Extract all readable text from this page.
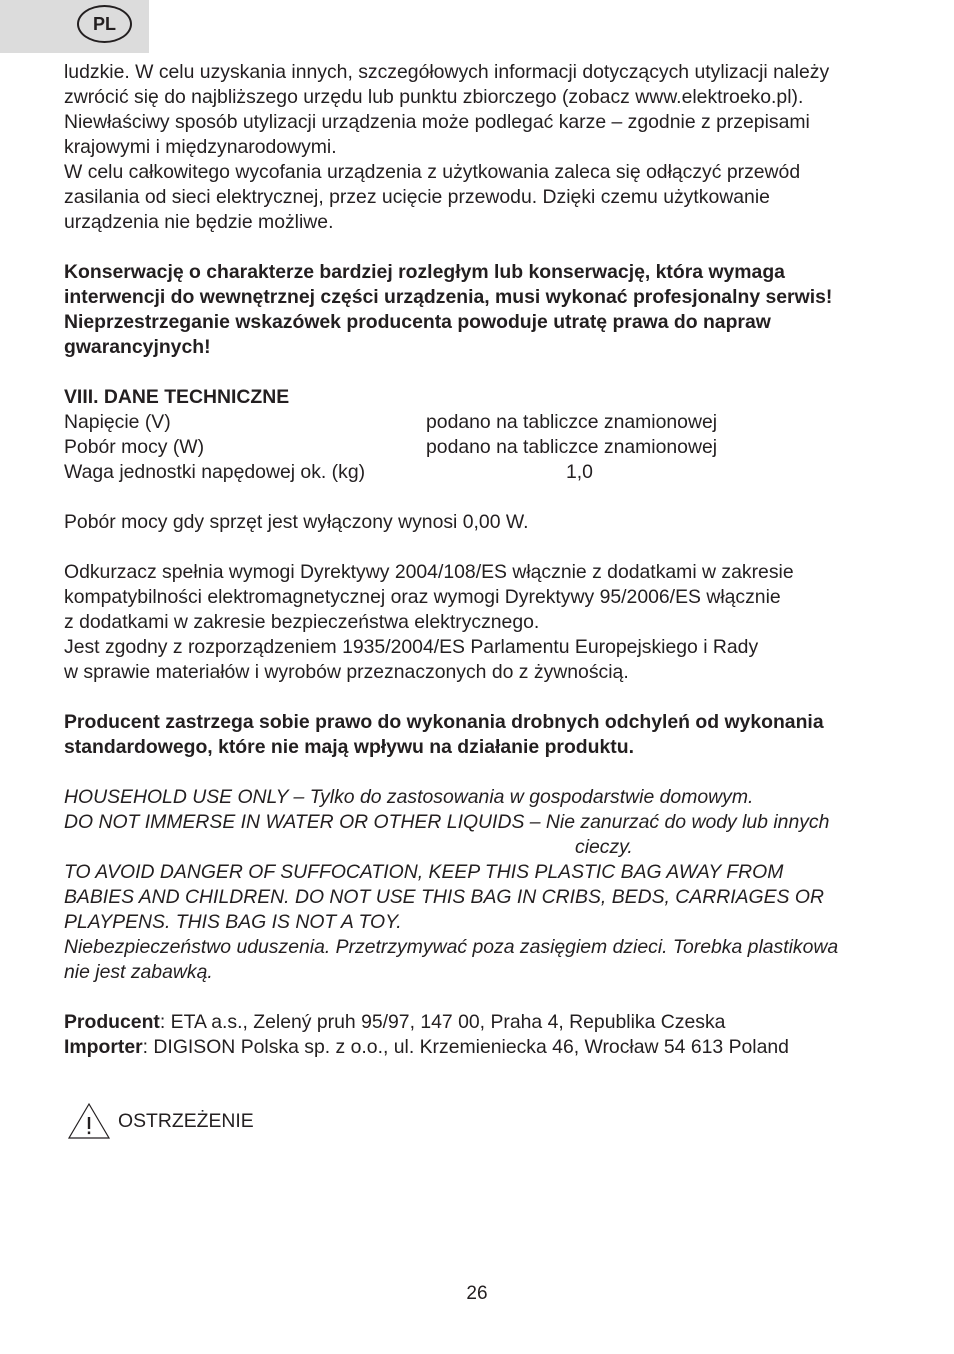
PL

ludzkie. W celu uzyskania innych, szczegółowych informacji dotyczących utylizacji należy

zwrócić się do najbliższego urzędu lub punktu zbiorczego (zobacz www.elektroeko.pl).

Niewłaściwy sposób utylizacji urządzenia może podlegać karze – zgodnie z przepisami

krajowymi i międzynarodowymi.

W celu całkowitego wycofania urządzenia z użytkowania zaleca się odłączyć przewód

zasilania od sieci elektrycznej, przez ucięcie przewodu. Dzięki czemu użytkowanie

urządzenia nie będzie możliwe.

Konserwację o charakterze bardziej rozległym lub konserwację, która wymaga

interwencji do wewnętrznej części urządzenia, musi wykonać profesjonalny serwis!

Nieprzestrzeganie wskazówek producenta powoduje utratę prawa do napraw

gwarancyjnych!

VIII. DANE TECHNICZNE

Napięcie (V)	podano na tabliczce znamionowej
Pobór mocy (W)	podano na tabliczce znamionowej
Waga jednostki napędowej ok. (kg)	1,0

Pobór mocy gdy sprzęt jest wyłączony wynosi 0,00 W.

Odkurzacz spełnia wymogi Dyrektywy 2004/108/ES włącznie z dodatkami w zakresie

kompatybilności elektromagnetycznej oraz wymogi Dyrektywy 95/2006/ES włącznie

z dodatkami w zakresie bezpieczeństwa elektrycznego.

Jest zgodny z rozporządzeniem 1935/2004/ES Parlamentu Europejskiego i Rady

w sprawie materiałów i wyrobów przeznaczonych do z żywnością.

Producent zastrzega sobie prawo do wykonania drobnych odchyleń od wykonania

standardowego, które nie mają wpływu na działanie produktu.

HOUSEHOLD USE ONLY – Tylko do zastosowania w gospodarstwie domowym.

DO NOT IMMERSE IN WATER OR OTHER LIQUIDS – Nie zanurzać do wody lub innych

cieczy.

TO AVOID DANGER OF SUFFOCATION, KEEP THIS PLASTIC BAG AWAY FROM

BABIES AND CHILDREN. DO NOT USE THIS BAG IN CRIBS, BEDS, CARRIAGES OR

PLAYPENS. THIS BAG IS NOT A TOY.

Niebezpieczeństwo uduszenia. Przetrzymywać poza zasięgiem dzieci. Torebka plastikowa

nie jest zabawką.

Producent: ETA a.s., Zelený pruh 95/97, 147 00, Praha 4, Republika Czeska

Importer: DIGISON Polska sp. z o.o., ul. Krzemieniecka 46, Wrocław 54 613 Poland

OSTRZEŻENIE
26
